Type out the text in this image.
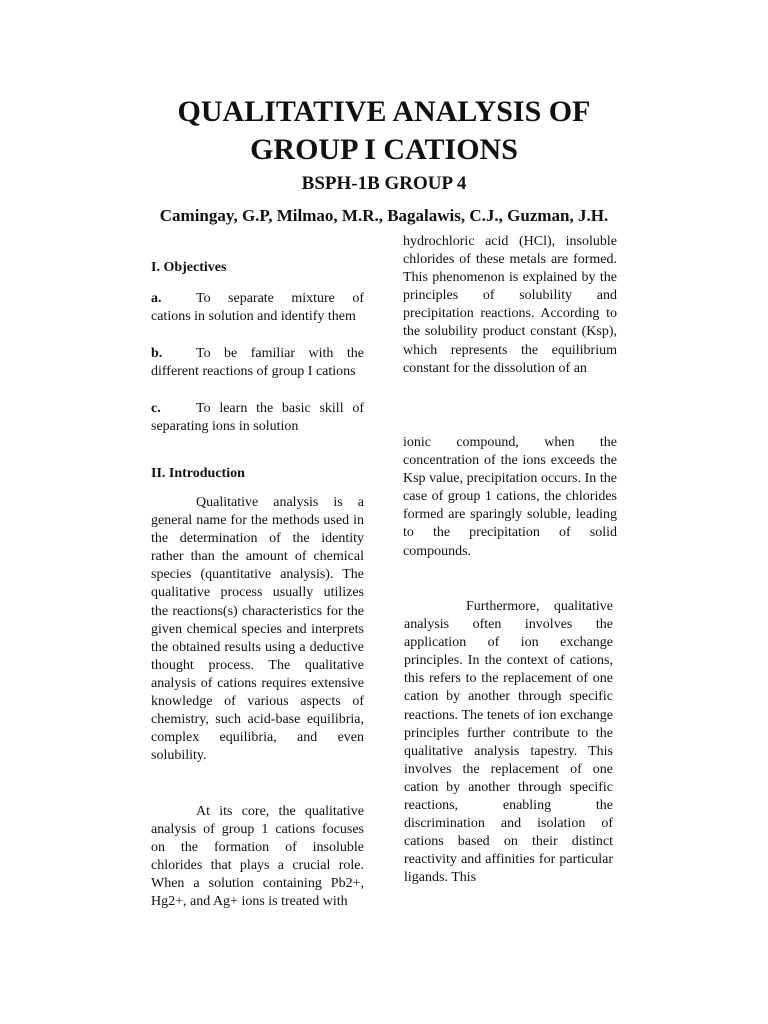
QUALITATIVE ANALYSIS OF
GROUP I CATIONS
BSPH-1B GROUP 4
Camingay, G.P, Milmao, M.R., Bagalawis, C.J., Guzman, J.H.
I. Objectives
a. To separate mixture of cations in solution and identify them
b. To be familiar with the different reactions of group I cations
c.	To learn the basic skill of separating ions in solution
II. Introduction

Qualitative analysis is a general name for the methods used in the determination of the identity rather than the amount of chemical species (quantitative analysis). The qualitative process usually utilizes the reactions(s) characteristics for the given chemical species and interprets the obtained results using a deductive thought process. The qualitative analysis of cations requires extensive knowledge of various aspects of chemistry, such acid-base equilibria, complex equilibria, and even solubility.

At its core, the qualitative analysis of group 1 cations focuses on the formation of insoluble chlorides that plays a crucial role. When a solution containing Pb2+, Hg2+, and Ag+ ions is treated with

hydrochloric acid (HCl), insoluble chlorides of these metals are formed. This phenomenon is explained by the principles of solubility and precipitation reactions. According to the solubility product constant (Ksp), which represents the equilibrium constant for the dissolution of an

ionic compound, when the concentration of the ions exceeds the Ksp value, precipitation occurs. In the case of group 1 cations, the chlorides formed are sparingly soluble, leading to the precipitation of solid compounds.

Furthermore, qualitative analysis often involves the application of ion exchange principles. In the context of cations, this refers to the replacement of one cation by another through specific reactions. The tenets of ion exchange principles further contribute to the qualitative analysis tapestry. This involves the replacement of one cation by another through specific reactions, enabling the discrimination and isolation of cations based on their distinct reactivity and affinities for particular ligands. This
